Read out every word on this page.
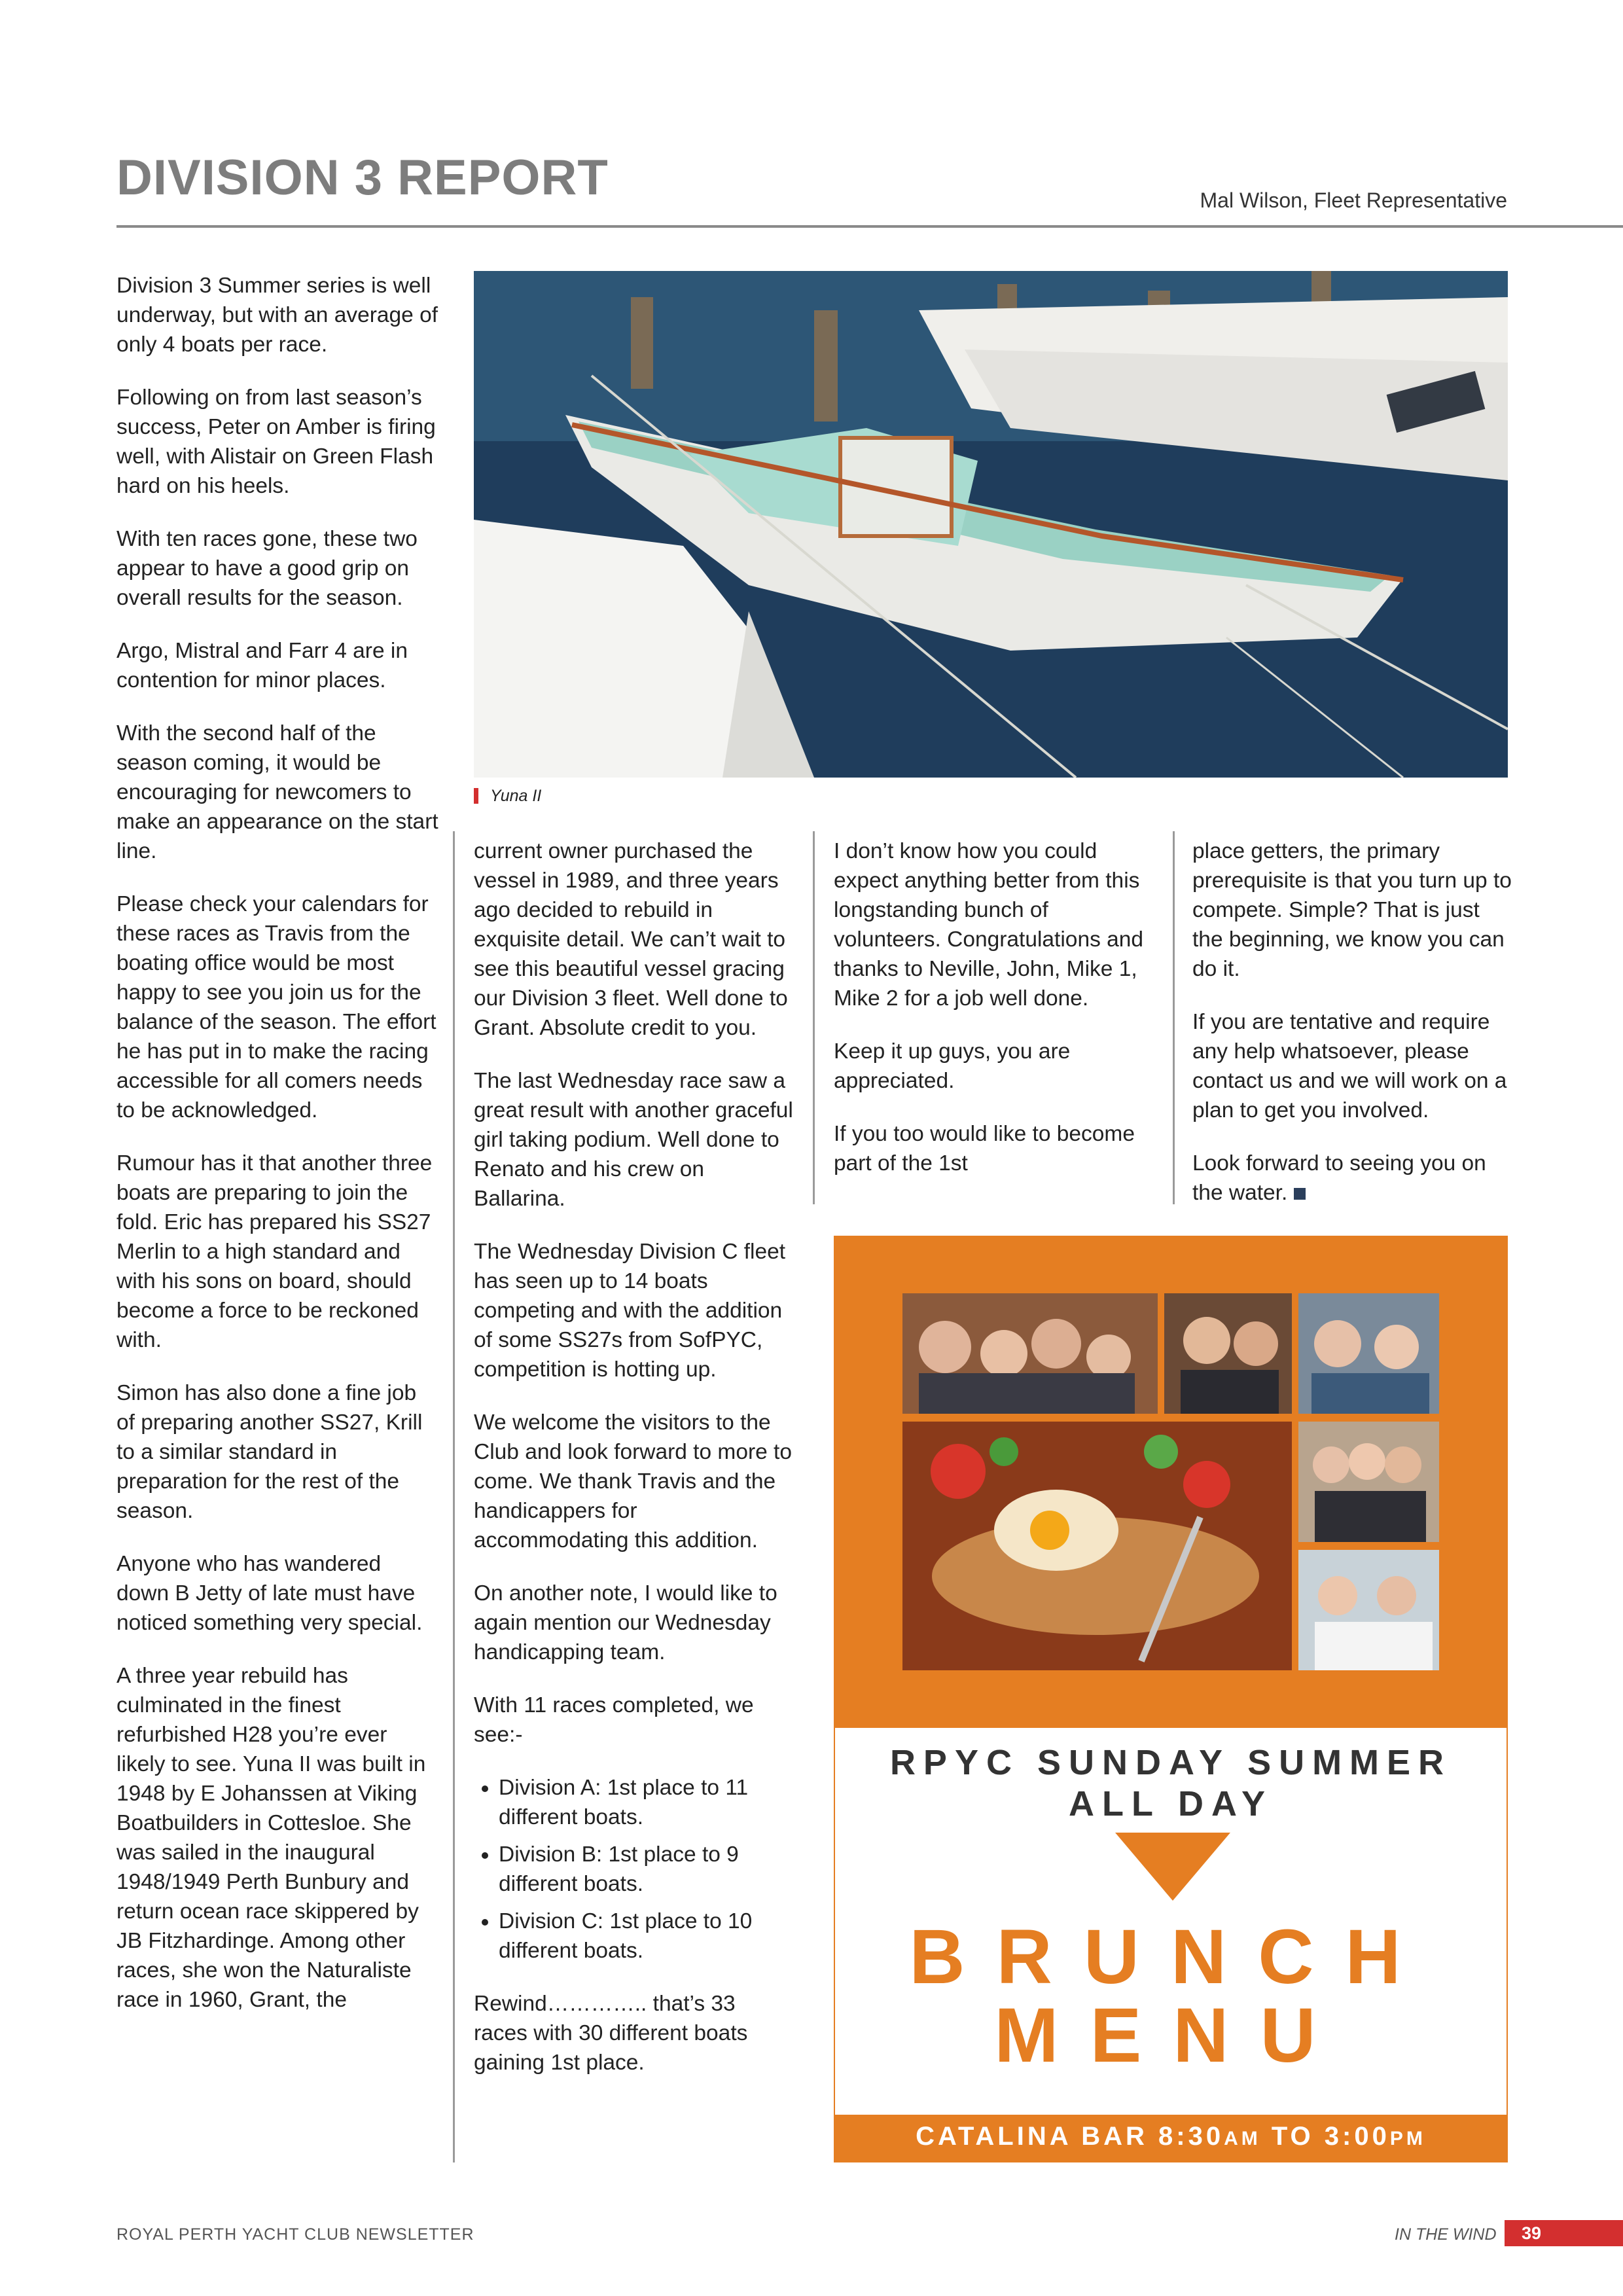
DIVISION 3 REPORT	Mal Wilson, Fleet Representative

Division 3 Summer series is well underway, but with an average of only 4 boats per race.

Following on from last season’s success, Peter on Amber is firing well, with Alistair on Green Flash hard on his heels.

With ten races gone, these two appear to have a good grip on overall results for the season.

Argo, Mistral and Farr 4 are in contention for minor places.

With the second half of the season coming, it would be encouraging for newcomers to make an appearance on the start line.

Please check your calendars for these races as Travis from the boating office would be most happy to see you join us for the balance of the season. The effort he has put in to make the racing accessible for all comers needs to be acknowledged.

Rumour has it that another three boats are preparing to join the fold. Eric has prepared his SS27 Merlin to a high standard and with his sons on board, should become a force to be reckoned with.

Simon has also done a fine job of preparing another SS27, Krill to a similar standard in preparation for the rest of the season.

Anyone who has wandered down B Jetty of late must have noticed something very special.

A three year rebuild has culminated in the finest refurbished H28 you’re ever likely to see. Yuna II was built in 1948 by E Johanssen at Viking Boatbuilders in Cottesloe. She was sailed in the inaugural 1948/1949 Perth Bunbury and return ocean race skippered by JB Fitzhardinge. Among other races, she won the Naturaliste race in 1960, Grant, the

Yuna II

current owner purchased the vessel in 1989, and three years ago decided to rebuild in exquisite detail. We can’t wait to see this beautiful vessel gracing our Division 3 fleet. Well done to Grant. Absolute credit to you.

The last Wednesday race saw a great result with another graceful girl taking podium. Well done to Renato and his crew on Ballarina.

The Wednesday Division C fleet has seen up to 14 boats competing and with the addition of some SS27s from SofPYC, competition is hotting up.

We welcome the visitors to the Club and look forward to more to come. We thank Travis and the handicappers for accommodating this addition.

On another note, I would like to again mention our Wednesday handicapping team.

With 11 races completed, we see:-

• Division A: 1st place to 11 different boats.
• Division B: 1st place to 9 different boats.
• Division C: 1st place to 10 different boats.

Rewind………….. that’s 33 races with 30 different boats gaining 1st place.

I don’t know how you could expect anything better from this longstanding bunch of volunteers. Congratulations and thanks to Neville, John, Mike 1, Mike 2 for a job well done.

Keep it up guys, you are appreciated.

If you too would like to become part of the 1st

place getters, the primary prerequisite is that you turn up to compete. Simple? That is just the beginning, we know you can do it.

If you are tentative and require any help whatsoever, please contact us and we will work on a plan to get you involved.

Look forward to seeing you on the water.

RPYC SUNDAY SUMMER
ALL DAY
BRUNCH
MENU
AVAILABLE FROM THE WARDROOM OR
CATALINA BAR 8:30AM TO 3:00PM
ROYAL PERTH YACHT CLUB NEWSLETTER	IN THE WIND	39
